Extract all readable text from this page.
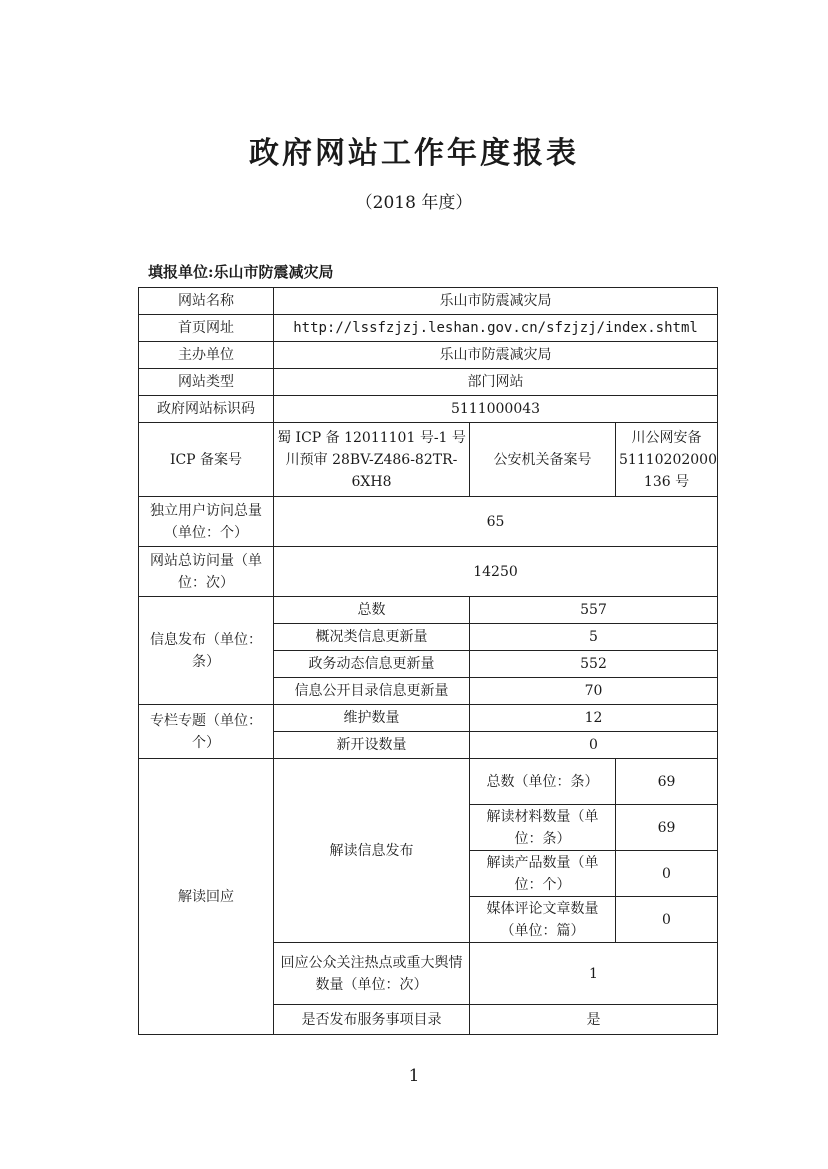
政府网站工作年度报表
（2018 年度）
填报单位:乐山市防震减灾局
网站名称	乐山市防震减灾局		
首页网址	http://lssfzjzj.leshan.gov.cn/sfzjzj/index.shtml		
主办单位	乐山市防震减灾局		
网站类型	部门网站		
政府网站标识码	5111000043		
ICP 备案号	蜀 ICP 备 12011101 号-1 号 川预审 28BV-Z486-82TR-6XH8	公安机关备案号	川公网安备 51110202000 136 号
独立用户访问总量（单位：个）	65		
网站总访问量（单位：次）	14250		
信息发布（单位：条）	总数	557	
	概况类信息更新量	5	
	政务动态信息更新量	552	
	信息公开目录信息更新量	70	
专栏专题（单位：个）	维护数量	12	
	新开设数量	0	
解读回应	解读信息发布	总数（单位：条）	69
		解读材料数量（单位：条）	69
		解读产品数量（单位：个）	0
		媒体评论文章数量（单位：篇）	0
	回应公众关注热点或重大舆情数量（单位：次）	1	
	是否发布服务事项目录	是	
1
